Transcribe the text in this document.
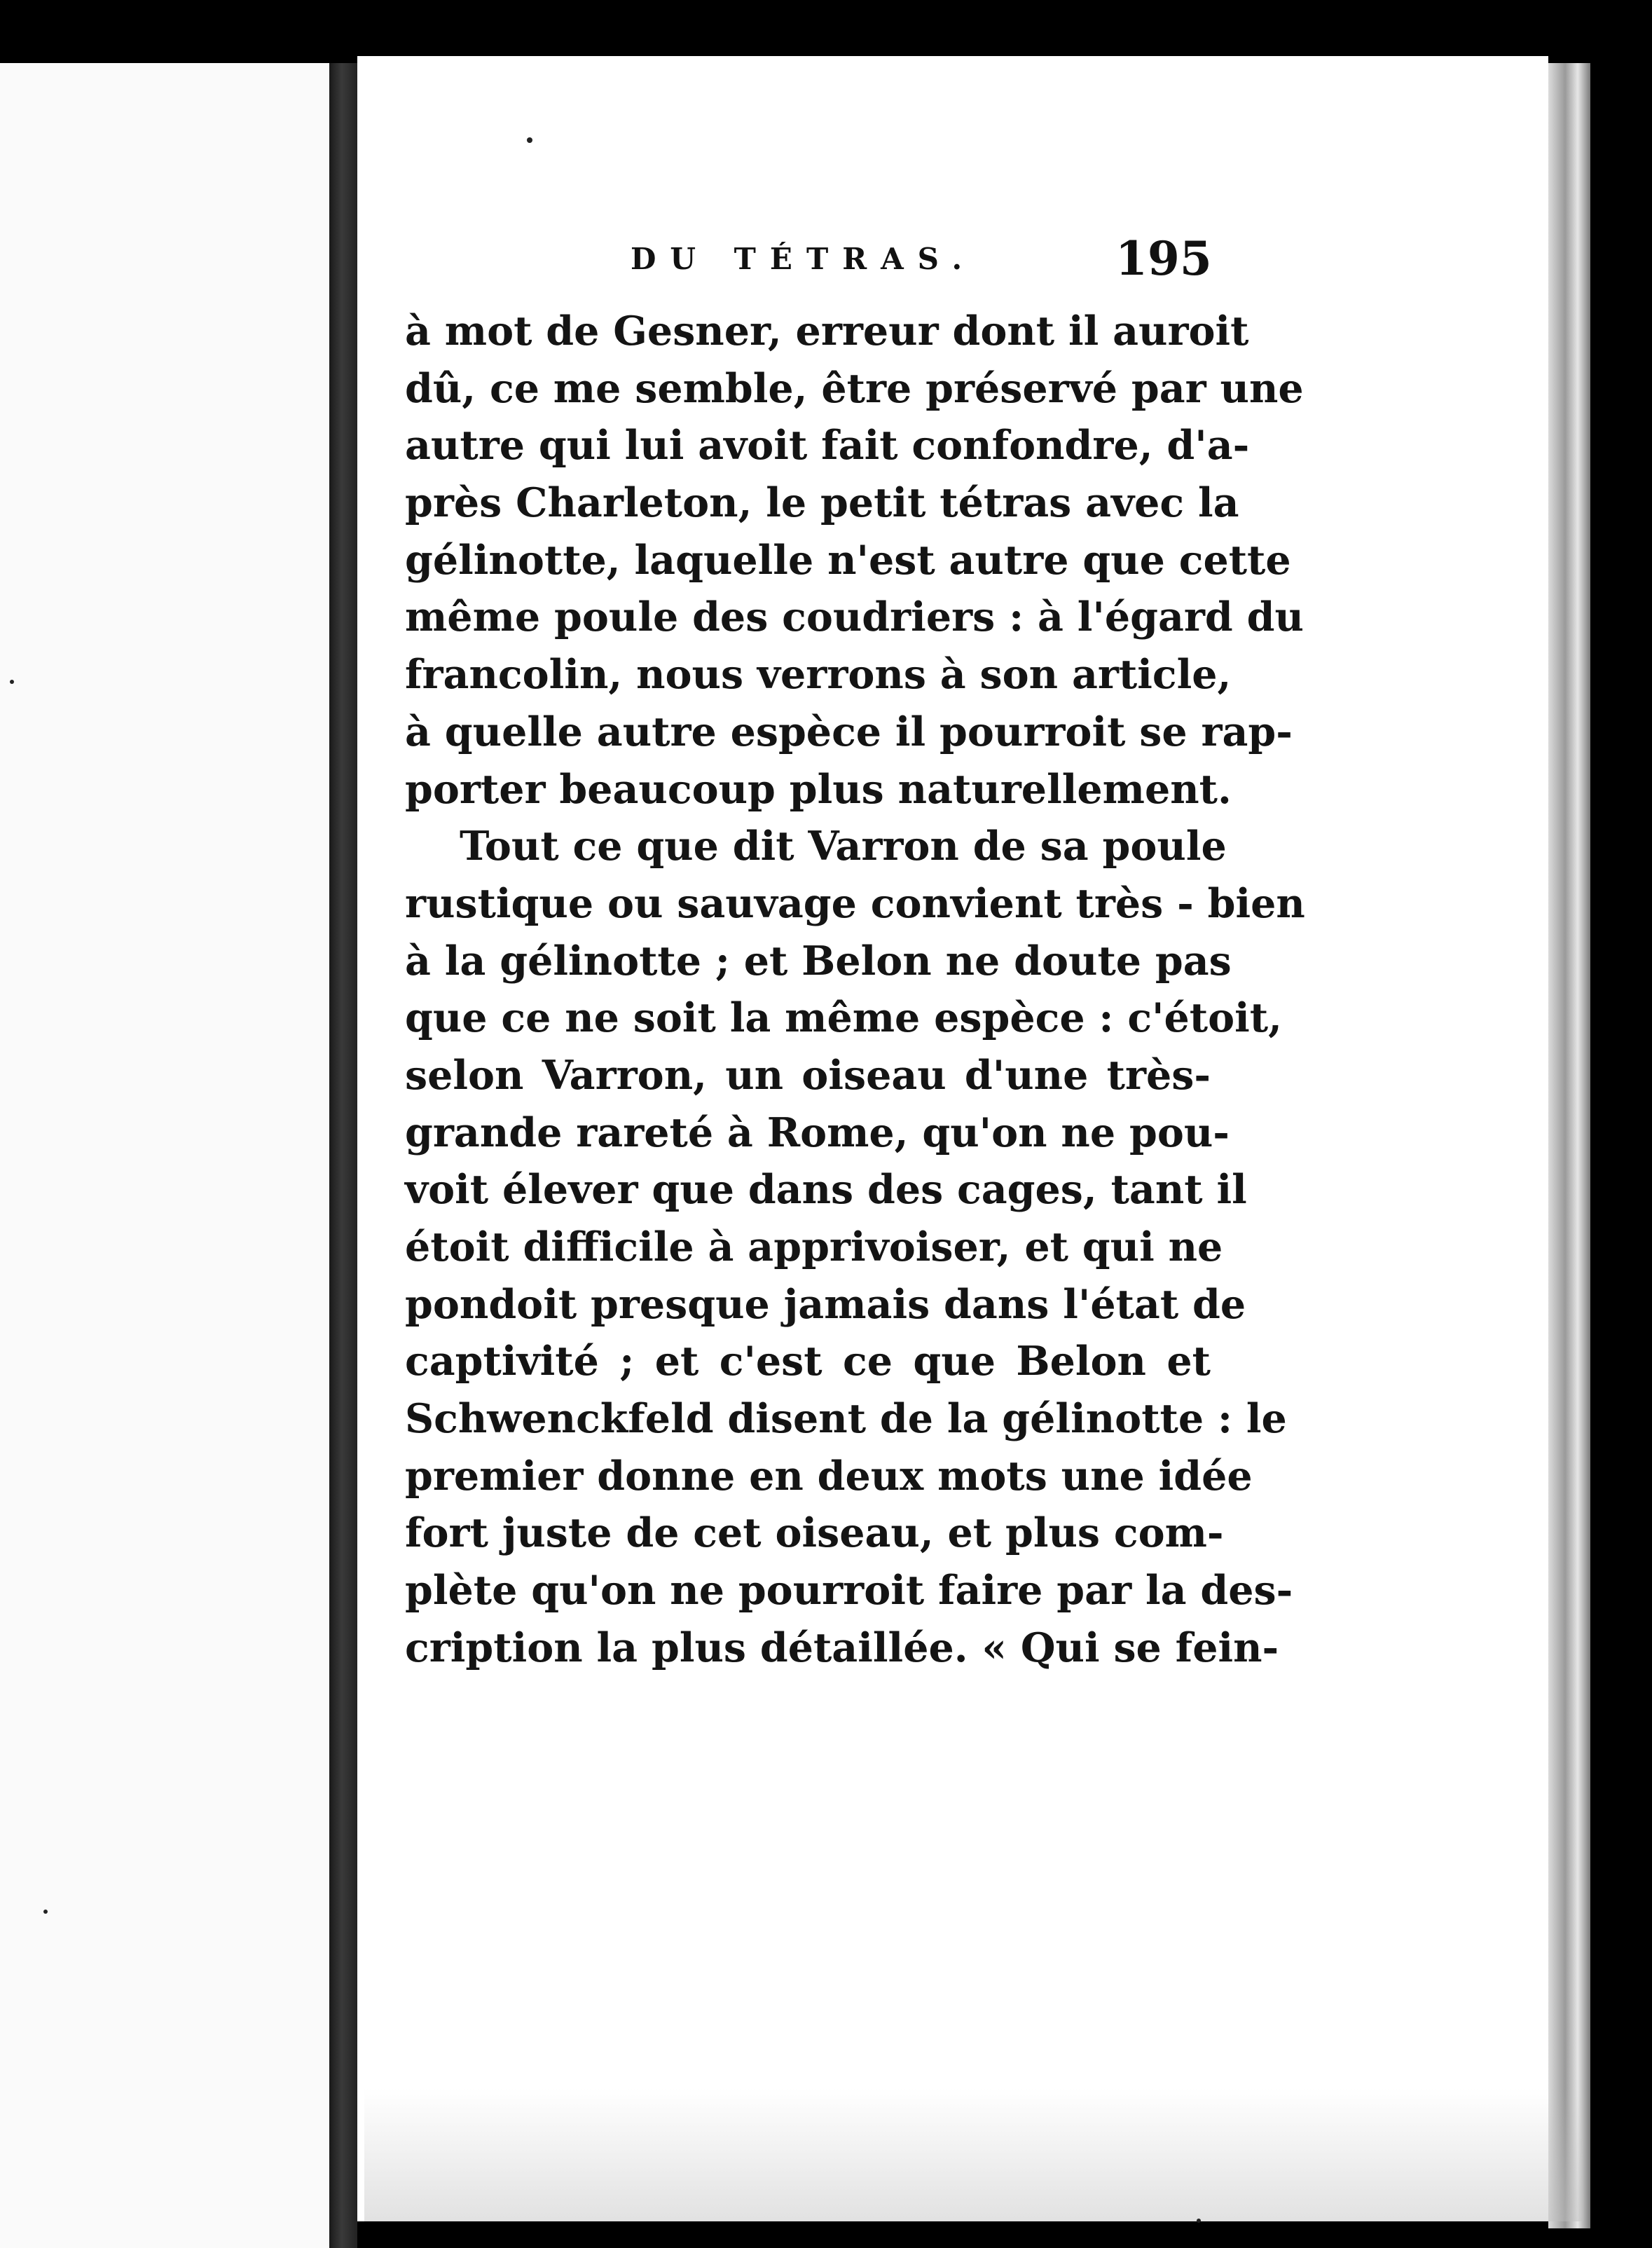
DU TÉTRAS.	195
à mot de Gesner, erreur dont il auroit
dû, ce me semble, être préservé par une
autre qui lui avoit fait confondre, d'a-
près Charleton, le petit tétras avec la
gélinotte, laquelle n'est autre que cette
même poule des coudriers : à l'égard du
francolin, nous verrons à son article,
à quelle autre espèce il pourroit se rap-
porter beaucoup plus naturellement.
Tout ce que dit Varron de sa poule
rustique ou sauvage convient très - bien
à la gélinotte ; et Belon ne doute pas
que ce ne soit la même espèce : c'étoit,
selon Varron, un oiseau d'une très-
grande rareté à Rome, qu'on ne pou-
voit élever que dans des cages, tant il
étoit difficile à apprivoiser, et qui ne
pondoit presque jamais dans l'état de
captivité ; et c'est ce que Belon et
Schwenckfeld disent de la gélinotte : le
premier donne en deux mots une idée
fort juste de cet oiseau, et plus com-
plète qu'on ne pourroit faire par la des-
cription la plus détaillée. « Qui se fein-
